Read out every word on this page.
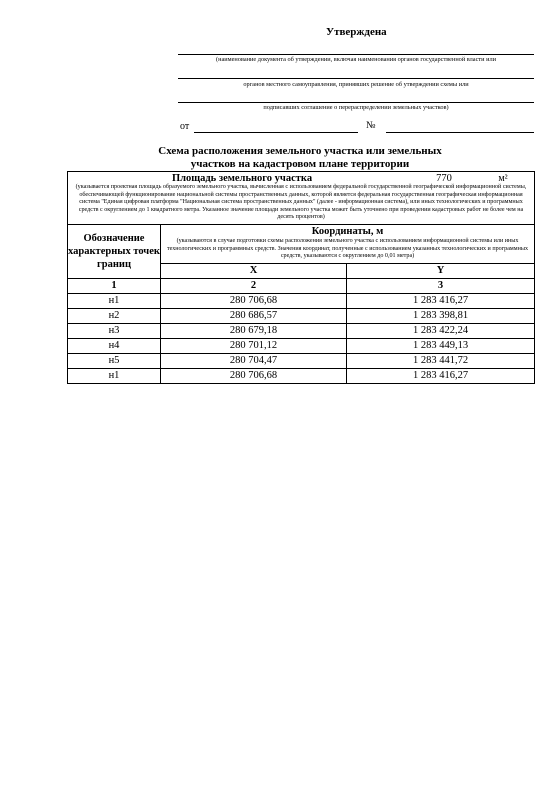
Утверждена
(наименование документа об утверждении, включая наименования органов государственной власти или
органов местного самоуправления, принявших решение об утверждении схемы или
подписавших соглашение о перераспределении земельных участков)
от	№
Схема расположения земельного участка или земельных
участков на кадастровом плане территории
Площадь земельного участка 770 м²
(указывается проектная площадь образуемого земельного участка, вычисленная с использованием федеральной государственной географической информационной системы, обеспечивающей функционирование национальной системы пространственных данных, которой является федеральная государственная географическая информационная система "Единая цифровая платформа "Национальная система пространственных данных" (далее - информационная система), или иных технологических и программных средств с округлением до 1 квадратного метра. Указанное значение площади земельного участка может быть уточнено при проведении кадастровых работ не более чем на десять процентов)		

Обозначение характерных точек границ	Координаты, м
(указываются в случае подготовки схемы расположения земельного участка с использованием информационной системы или иных технологических и программных средств. Значения координат, полученные с использованием указанных технологических и программных средств, указываются с округлением до 0,01 метра)	

	X	Y
1	2	3
н1	280 706,68	1 283 416,27
н2	280 686,57	1 283 398,81
н3	280 679,18	1 283 422,24
н4	280 701,12	1 283 449,13
н5	280 704,47	1 283 441,72
н1	280 706,68	1 283 416,27
